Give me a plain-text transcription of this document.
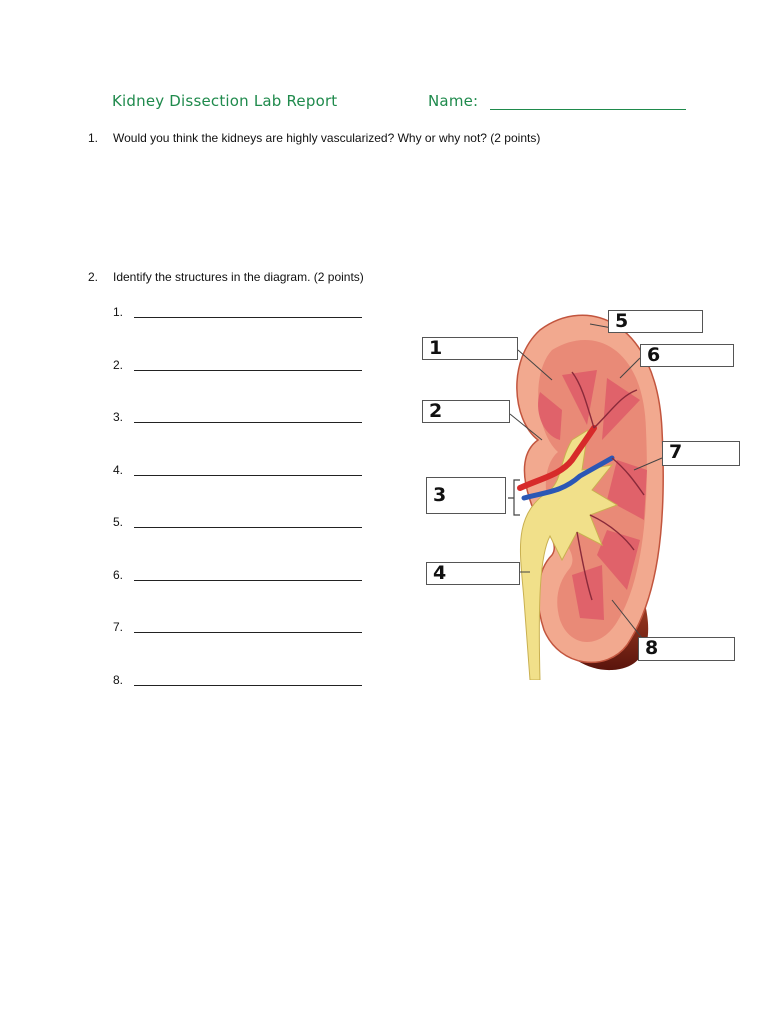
Kidney Dissection Lab Report	Name:
1. Would you think the kidneys are highly vascularized? Why or why not? (2 points)
2. Identify the structures in the diagram. (2 points)
1.
2.
3.
4.
5.
6.
7.
8.
1
2
3
4
5
6
7
8
